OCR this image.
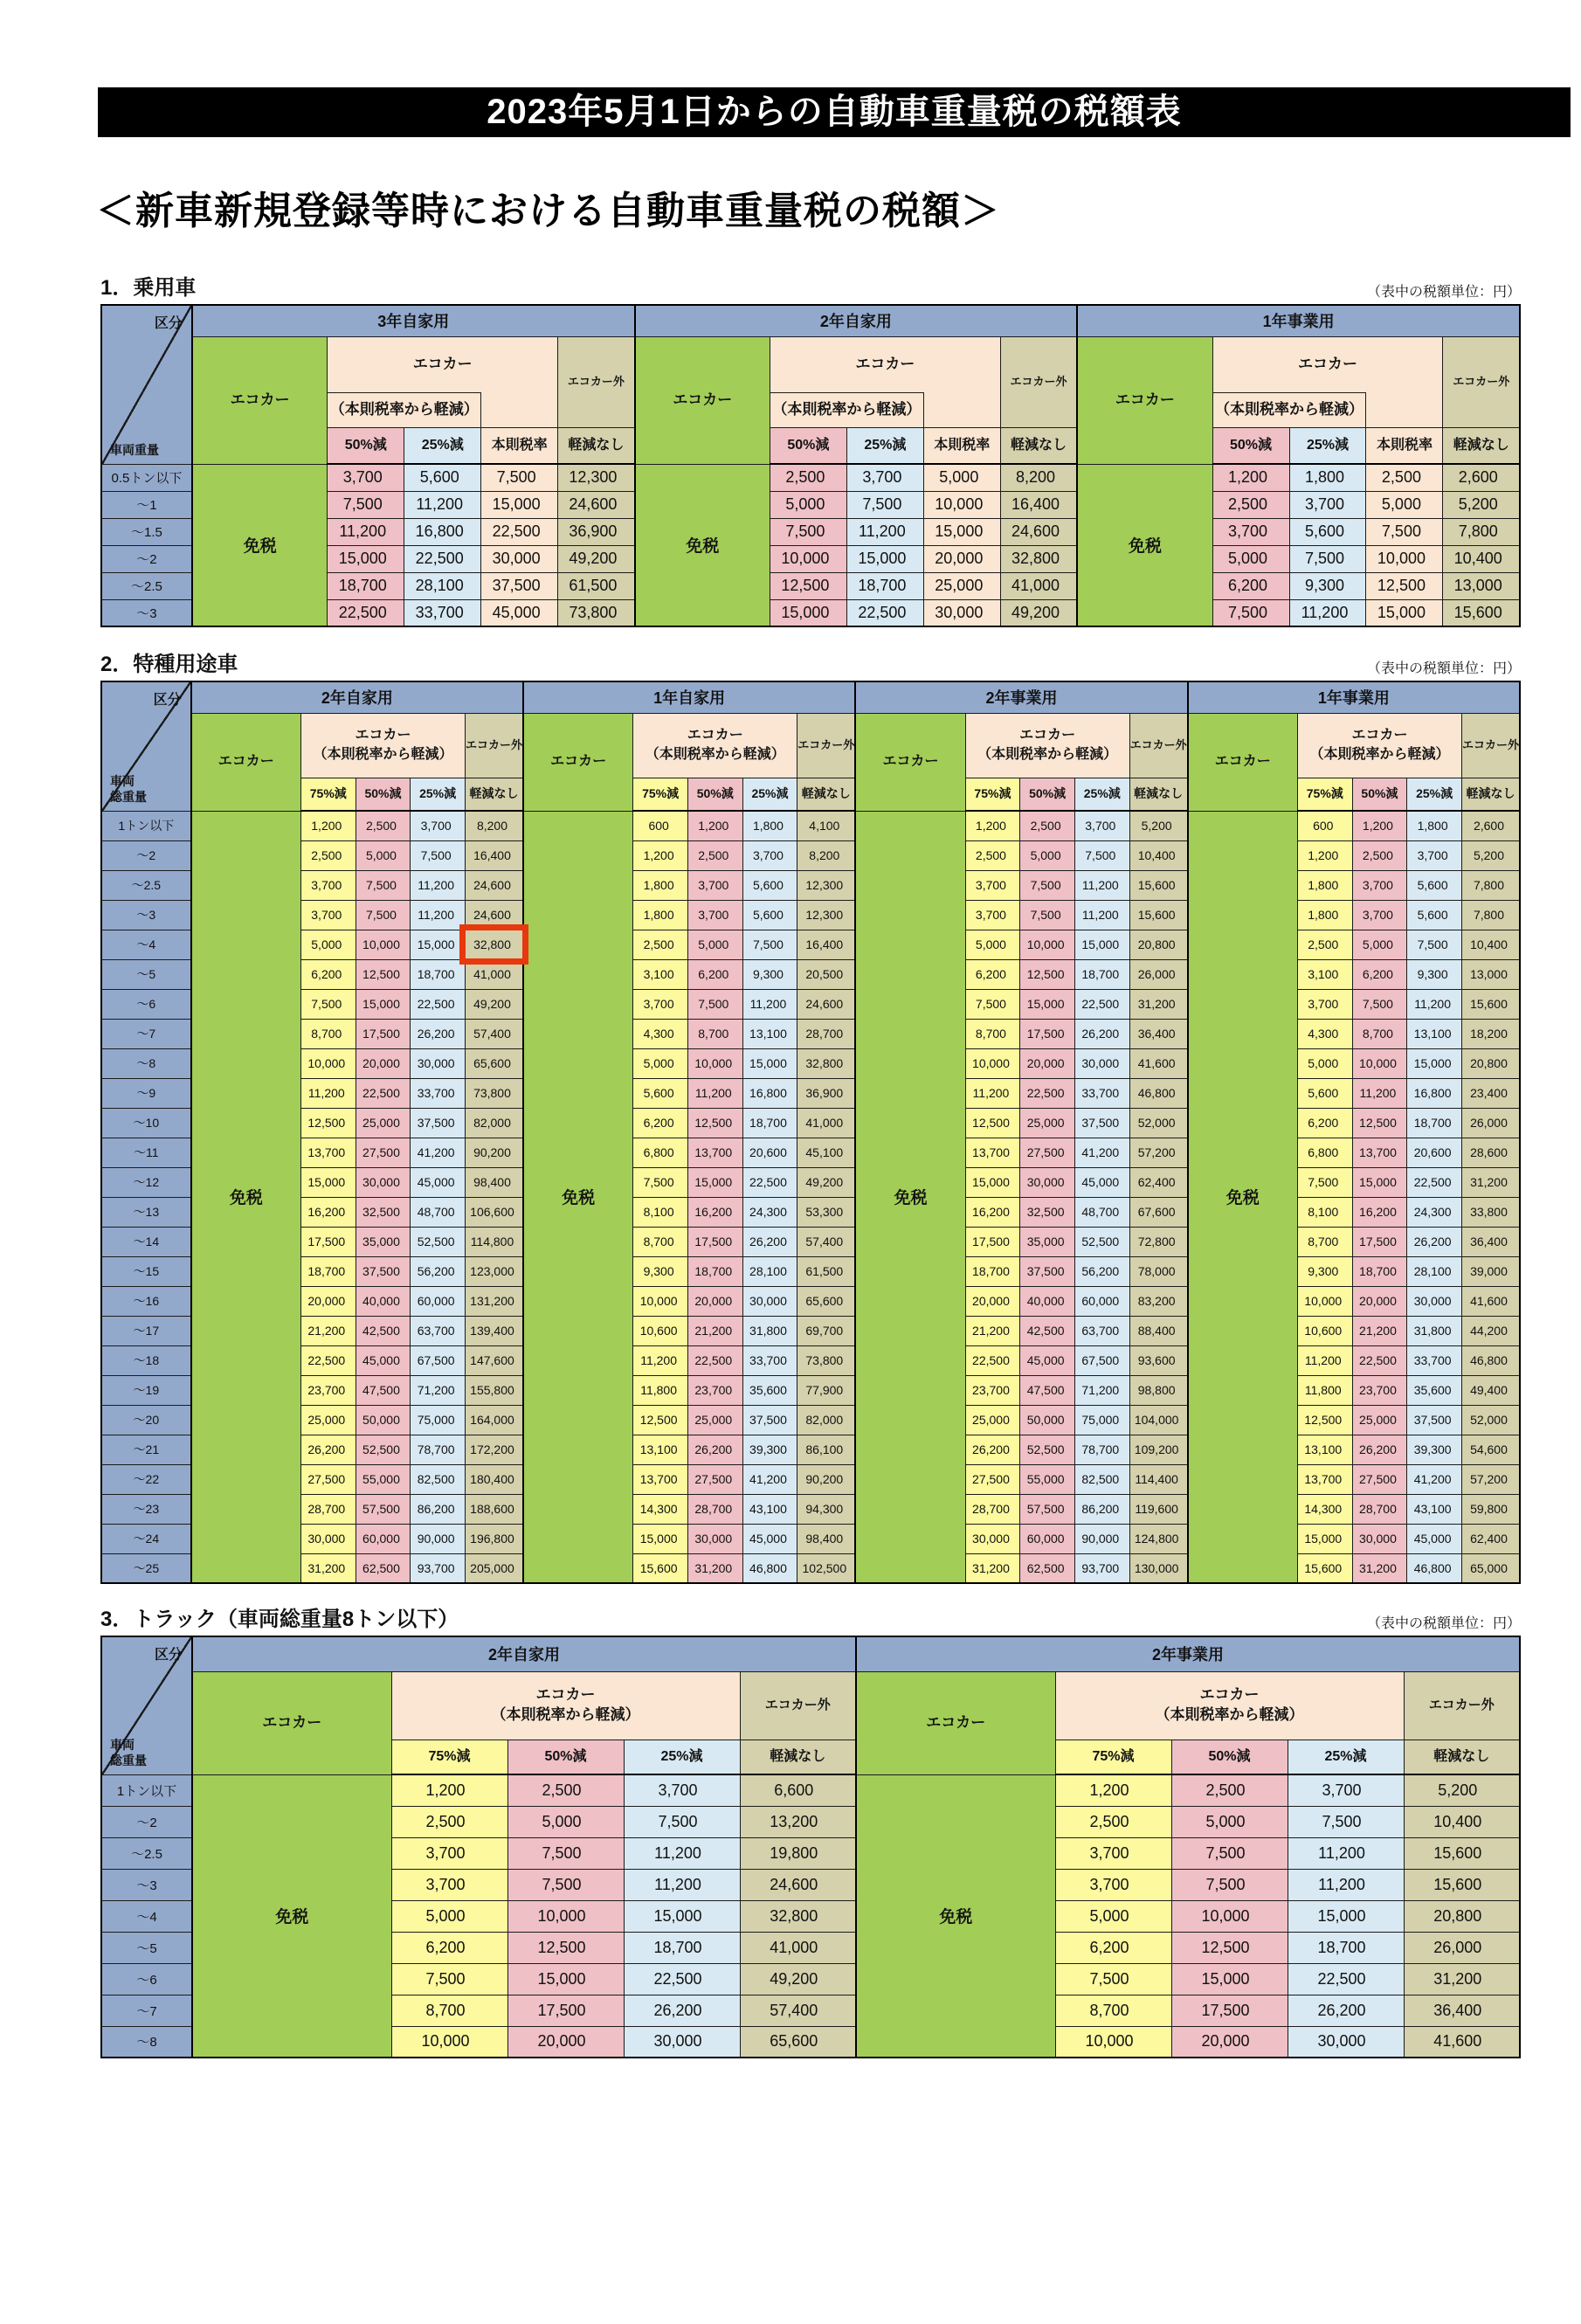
2023年5月1日からの自動車重量税の税額表
＜新車新規登録等時における自動車重量税の税額＞
1．乗用車	（表中の税額単位：円）
区分
車両重量	3年自家用					2年自家用					1年事業用				
	エコカー	エコカー			エコカー外	エコカー	エコカー			エコカー外	エコカー	エコカー			エコカー外
		（本則税率から軽減）					（本則税率から軽減）					（本則税率から軽減）			
		50%減	25%減	本則税率	軽減なし		50%減	25%減	本則税率	軽減なし		50%減	25%減	本則税率	軽減なし
0.5トン以下	免税	3,700	5,600	7,500	12,300	免税	2,500	3,700	5,000	8,200	免税	1,200	1,800	2,500	2,600
～1		7,500	11,200	15,000	24,600		5,000	7,500	10,000	16,400		2,500	3,700	5,000	5,200
～1.5		11,200	16,800	22,500	36,900		7,500	11,200	15,000	24,600		3,700	5,600	7,500	7,800
～2		15,000	22,500	30,000	49,200		10,000	15,000	20,000	32,800		5,000	7,500	10,000	10,400
～2.5		18,700	28,100	37,500	61,500		12,500	18,700	25,000	41,000		6,200	9,300	12,500	13,000
～3		22,500	33,700	45,000	73,800		15,000	22,500	30,000	49,200		7,500	11,200	15,000	15,600
2．特種用途車	（表中の税額単位：円）
区分
車両
総重量	2年自家用					1年自家用					2年事業用					1年事業用				
	エコカー	エコカー
（本則税率から軽減）			エコカー外	エコカー	エコカー
（本則税率から軽減）			エコカー外	エコカー	エコカー
（本則税率から軽減）			エコカー外	エコカー	エコカー
（本則税率から軽減）			エコカー外
		75%減	50%減	25%減	軽減なし		75%減	50%減	25%減	軽減なし		75%減	50%減	25%減	軽減なし		75%減	50%減	25%減	軽減なし
1トン以下	免税	1,200	2,500	3,700	8,200	免税	600	1,200	1,800	4,100	免税	1,200	2,500	3,700	5,200	免税	600	1,200	1,800	2,600
～2		2,500	5,000	7,500	16,400		1,200	2,500	3,700	8,200		2,500	5,000	7,500	10,400		1,200	2,500	3,700	5,200
～2.5		3,700	7,500	11,200	24,600		1,800	3,700	5,600	12,300		3,700	7,500	11,200	15,600		1,800	3,700	5,600	7,800
～3		3,700	7,500	11,200	24,600		1,800	3,700	5,600	12,300		3,700	7,500	11,200	15,600		1,800	3,700	5,600	7,800
～4		5,000	10,000	15,000	32,800		2,500	5,000	7,500	16,400		5,000	10,000	15,000	20,800		2,500	5,000	7,500	10,400
～5		6,200	12,500	18,700	41,000		3,100	6,200	9,300	20,500		6,200	12,500	18,700	26,000		3,100	6,200	9,300	13,000
～6		7,500	15,000	22,500	49,200		3,700	7,500	11,200	24,600		7,500	15,000	22,500	31,200		3,700	7,500	11,200	15,600
～7		8,700	17,500	26,200	57,400		4,300	8,700	13,100	28,700		8,700	17,500	26,200	36,400		4,300	8,700	13,100	18,200
～8		10,000	20,000	30,000	65,600		5,000	10,000	15,000	32,800		10,000	20,000	30,000	41,600		5,000	10,000	15,000	20,800
～9		11,200	22,500	33,700	73,800		5,600	11,200	16,800	36,900		11,200	22,500	33,700	46,800		5,600	11,200	16,800	23,400
～10		12,500	25,000	37,500	82,000		6,200	12,500	18,700	41,000		12,500	25,000	37,500	52,000		6,200	12,500	18,700	26,000
～11		13,700	27,500	41,200	90,200		6,800	13,700	20,600	45,100		13,700	27,500	41,200	57,200		6,800	13,700	20,600	28,600
～12		15,000	30,000	45,000	98,400		7,500	15,000	22,500	49,200		15,000	30,000	45,000	62,400		7,500	15,000	22,500	31,200
～13		16,200	32,500	48,700	106,600		8,100	16,200	24,300	53,300		16,200	32,500	48,700	67,600		8,100	16,200	24,300	33,800
～14		17,500	35,000	52,500	114,800		8,700	17,500	26,200	57,400		17,500	35,000	52,500	72,800		8,700	17,500	26,200	36,400
～15		18,700	37,500	56,200	123,000		9,300	18,700	28,100	61,500		18,700	37,500	56,200	78,000		9,300	18,700	28,100	39,000
～16		20,000	40,000	60,000	131,200		10,000	20,000	30,000	65,600		20,000	40,000	60,000	83,200		10,000	20,000	30,000	41,600
～17		21,200	42,500	63,700	139,400		10,600	21,200	31,800	69,700		21,200	42,500	63,700	88,400		10,600	21,200	31,800	44,200
～18		22,500	45,000	67,500	147,600		11,200	22,500	33,700	73,800		22,500	45,000	67,500	93,600		11,200	22,500	33,700	46,800
～19		23,700	47,500	71,200	155,800		11,800	23,700	35,600	77,900		23,700	47,500	71,200	98,800		11,800	23,700	35,600	49,400
～20		25,000	50,000	75,000	164,000		12,500	25,000	37,500	82,000		25,000	50,000	75,000	104,000		12,500	25,000	37,500	52,000
～21		26,200	52,500	78,700	172,200		13,100	26,200	39,300	86,100		26,200	52,500	78,700	109,200		13,100	26,200	39,300	54,600
～22		27,500	55,000	82,500	180,400		13,700	27,500	41,200	90,200		27,500	55,000	82,500	114,400		13,700	27,500	41,200	57,200
～23		28,700	57,500	86,200	188,600		14,300	28,700	43,100	94,300		28,700	57,500	86,200	119,600		14,300	28,700	43,100	59,800
～24		30,000	60,000	90,000	196,800		15,000	30,000	45,000	98,400		30,000	60,000	90,000	124,800		15,000	30,000	45,000	62,400
～25		31,200	62,500	93,700	205,000		15,600	31,200	46,800	102,500		31,200	62,500	93,700	130,000		15,600	31,200	46,800	65,000
3．トラック（車両総重量8トン以下）	（表中の税額単位：円）
区分
車両
総重量	2年自家用					2年事業用				
	エコカー	エコカー
（本則税率から軽減）			エコカー外	エコカー	エコカー
（本則税率から軽減）			エコカー外
		75%減	50%減	25%減	軽減なし		75%減	50%減	25%減	軽減なし
1トン以下	免税	1,200	2,500	3,700	6,600	免税	1,200	2,500	3,700	5,200
～2		2,500	5,000	7,500	13,200		2,500	5,000	7,500	10,400
～2.5		3,700	7,500	11,200	19,800		3,700	7,500	11,200	15,600
～3		3,700	7,500	11,200	24,600		3,700	7,500	11,200	15,600
～4		5,000	10,000	15,000	32,800		5,000	10,000	15,000	20,800
～5		6,200	12,500	18,700	41,000		6,200	12,500	18,700	26,000
～6		7,500	15,000	22,500	49,200		7,500	15,000	22,500	31,200
～7		8,700	17,500	26,200	57,400		8,700	17,500	26,200	36,400
～8		10,000	20,000	30,000	65,600		10,000	20,000	30,000	41,600
